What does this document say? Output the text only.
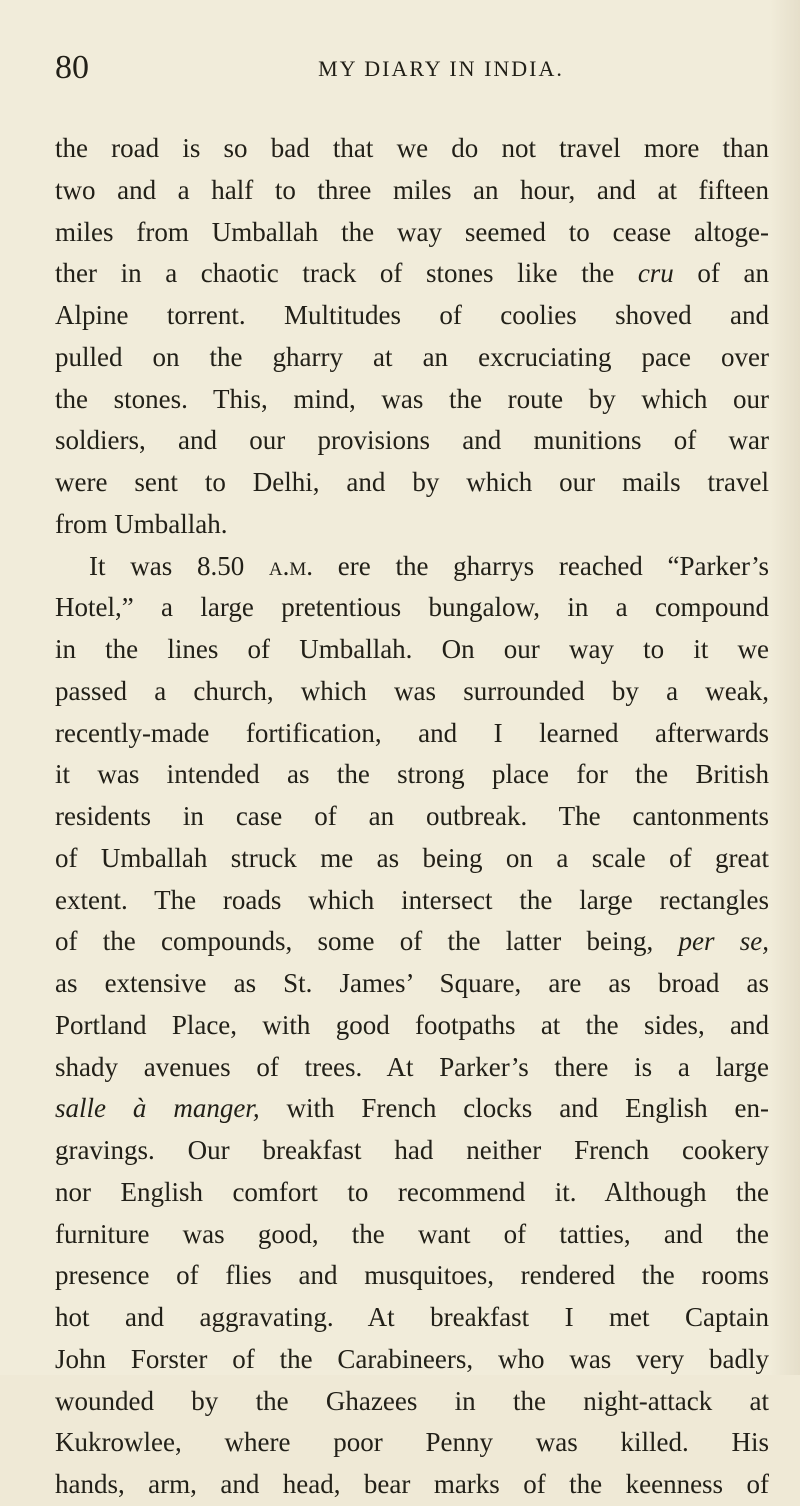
80	MY DIARY IN INDIA.
the road is so bad that we do not travel more than
two and a half to three miles an hour, and at fifteen
miles from Umballah the way seemed to cease altoge-
ther in a chaotic track of stones like the cru of an
Alpine torrent. Multitudes of coolies shoved and
pulled on the gharry at an excruciating pace over
the stones. This, mind, was the route by which our
soldiers, and our provisions and munitions of war
were sent to Delhi, and by which our mails travel
from Umballah.
It was 8.50 a.m. ere the gharrys reached “Parker’s
Hotel,” a large pretentious bungalow, in a compound
in the lines of Umballah. On our way to it we
passed a church, which was surrounded by a weak,
recently-made fortification, and I learned afterwards
it was intended as the strong place for the British
residents in case of an outbreak. The cantonments
of Umballah struck me as being on a scale of great
extent. The roads which intersect the large rectangles
of the compounds, some of the latter being, per se,
as extensive as St. James’ Square, are as broad as
Portland Place, with good footpaths at the sides, and
shady avenues of trees. At Parker’s there is a large
salle à manger, with French clocks and English en-
gravings. Our breakfast had neither French cookery
nor English comfort to recommend it. Although the
furniture was good, the want of tatties, and the
presence of flies and musquitoes, rendered the rooms
hot and aggravating. At breakfast I met Captain
John Forster of the Carabineers, who was very badly
wounded by the Ghazees in the night-attack at
Kukrowlee, where poor Penny was killed. His
hands, arm, and head, bear marks of the keenness of
